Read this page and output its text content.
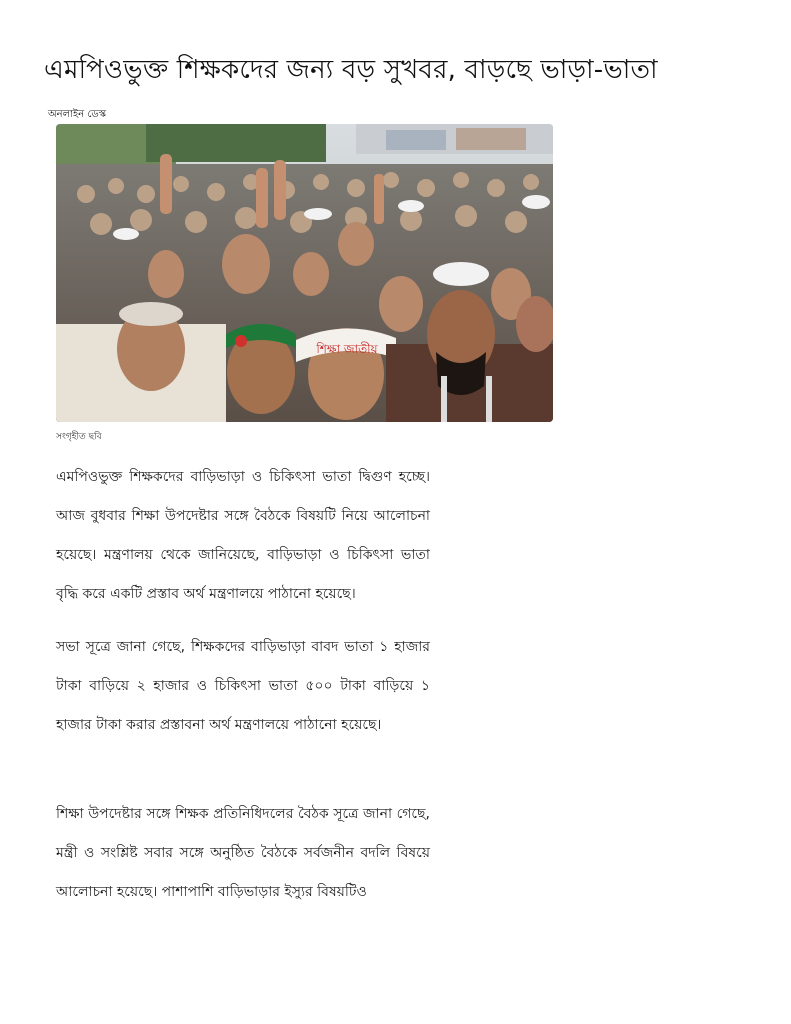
এমপিওভুক্ত শিক্ষকদের জন্য বড় সুখবর, বাড়ছে ভাড়া-ভাতা
অনলাইন ডেস্ক
শিক্ষা জাতীয়
সংগৃহীত ছবি

এমপিওভুক্ত শিক্ষকদের বাড়িভাড়া ও চিকিৎসা ভাতা দ্বিগুণ হচ্ছে। আজ বুধবার শিক্ষা উপদেষ্টার সঙ্গে বৈঠকে বিষয়টি নিয়ে আলোচনা হয়েছে। মন্ত্রণালয় থেকে জানিয়েছে, বাড়িভাড়া ও চিকিৎসা ভাতা বৃদ্ধি করে একটি প্রস্তাব অর্থ মন্ত্রণালয়ে পাঠানো হয়েছে।

সভা সূত্রে জানা গেছে, শিক্ষকদের বাড়িভাড়া বাবদ ভাতা ১ হাজার টাকা বাড়িয়ে ২ হাজার ও চিকিৎসা ভাতা ৫০০ টাকা বাড়িয়ে ১ হাজার টাকা করার প্রস্তাবনা অর্থ মন্ত্রণালয়ে পাঠানো হয়েছে।

শিক্ষা উপদেষ্টার সঙ্গে শিক্ষক প্রতিনিধিদলের বৈঠক সূত্রে জানা গেছে, মন্ত্রী ও সংশ্লিষ্ট সবার সঙ্গে অনুষ্ঠিত বৈঠকে সর্বজনীন বদলি বিষয়ে আলোচনা হয়েছে। পাশাপাশি বাড়িভাড়ার ইস্যুর বিষয়টিও
